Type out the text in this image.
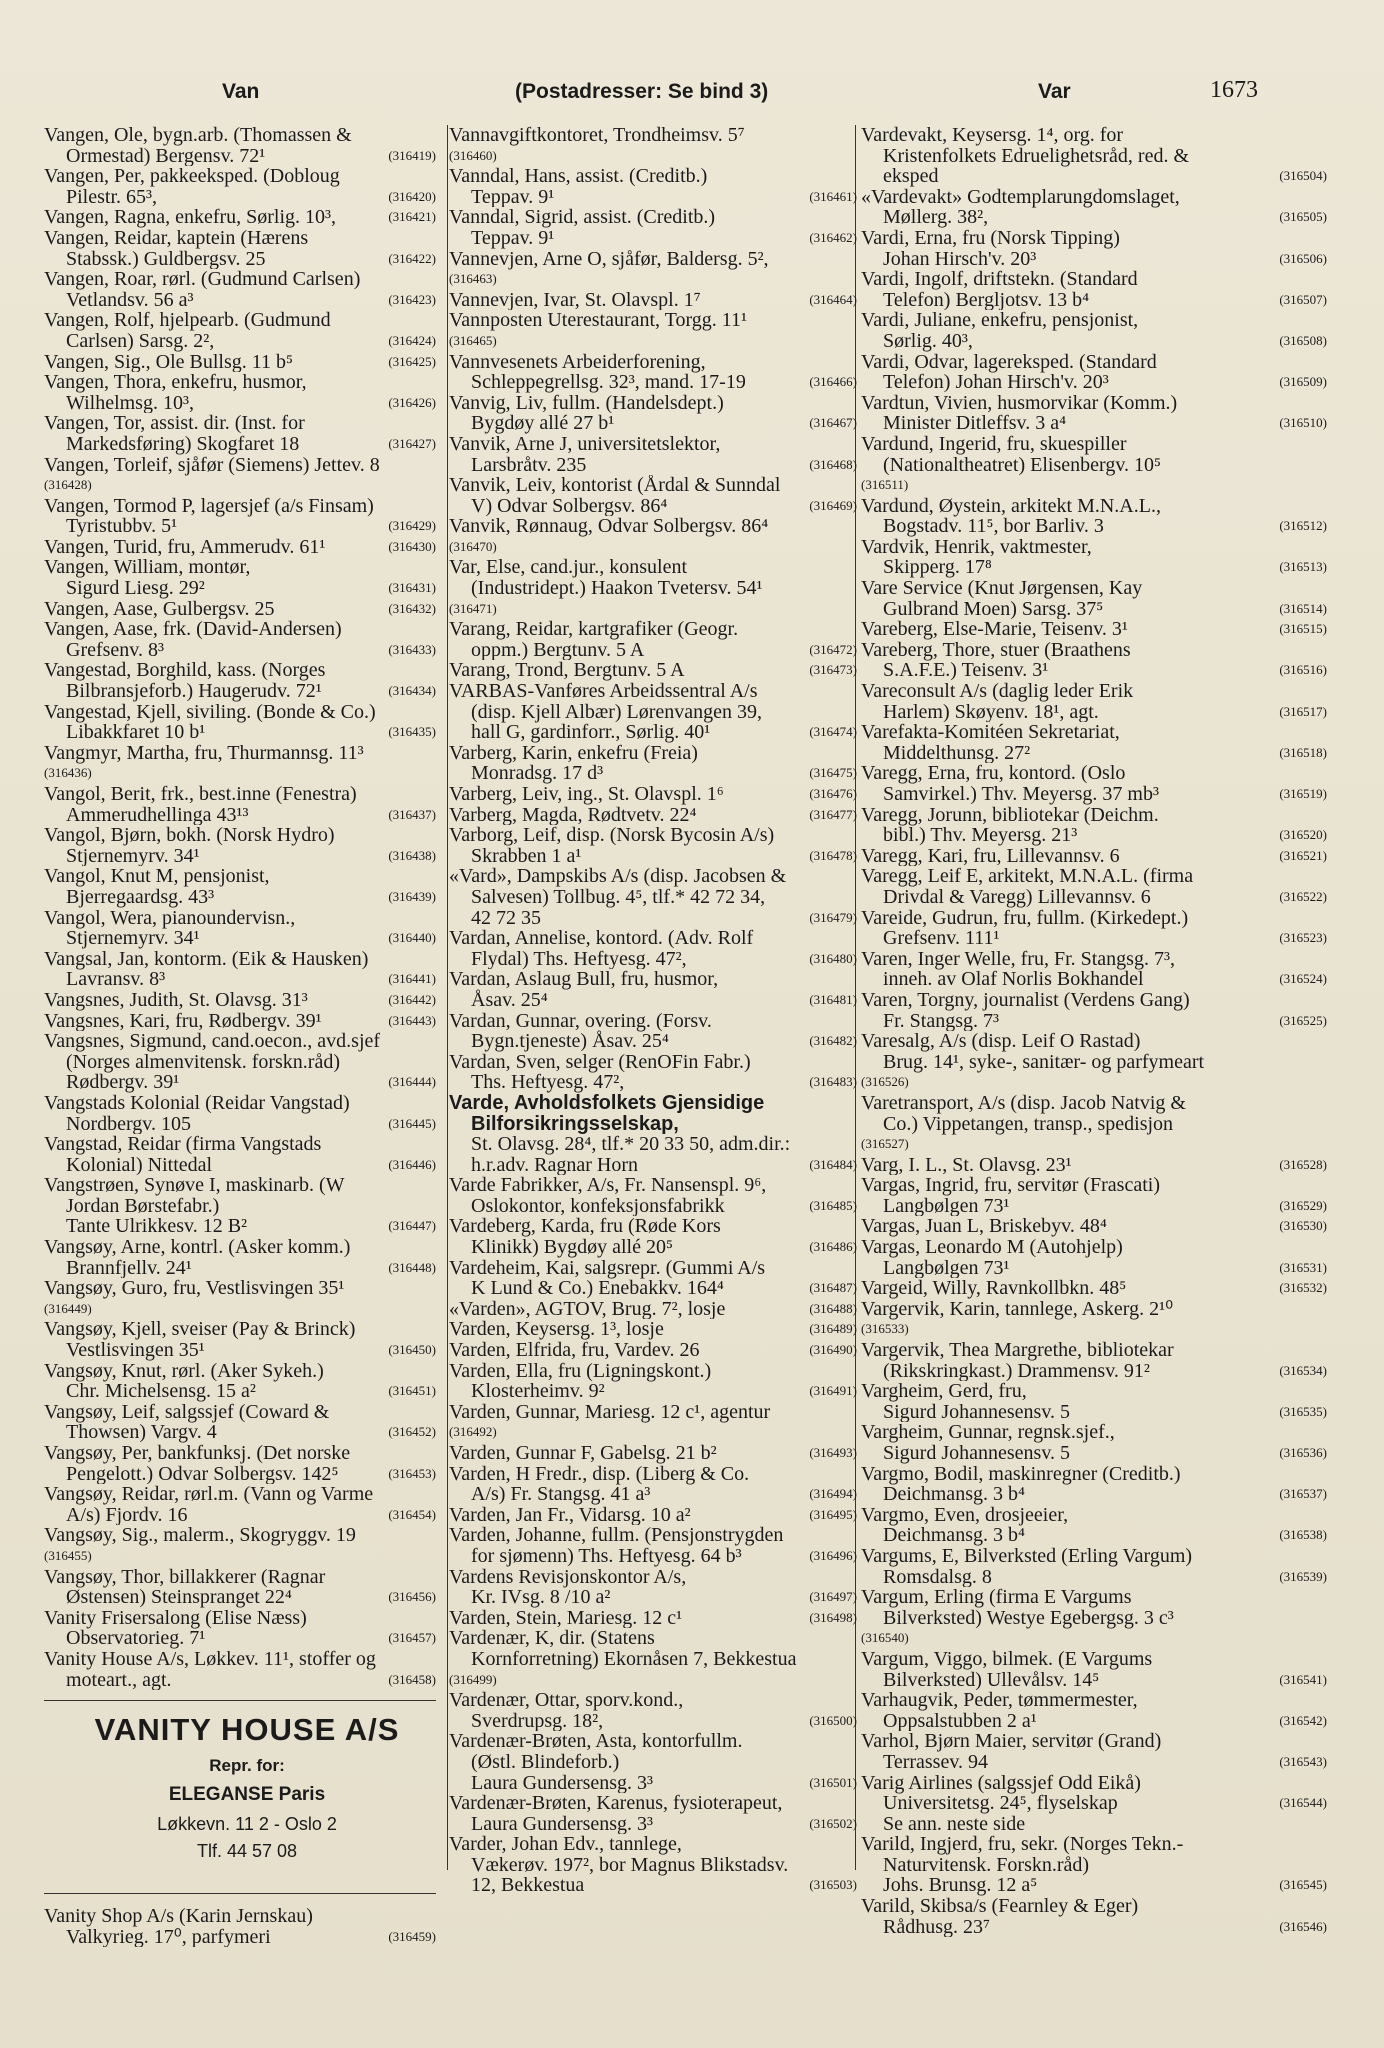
Van	(Postadresser: Se bind 3)	Var	1673
Vangen, Ole, bygn.arb. (Thomassen &
Ormestad) Bergensv. 72¹	(316419)
Vangen, Per, pakkeeksped. (Dobloug
Pilestr. 65³,	(316420)
Vangen, Ragna, enkefru, Sørlig. 10³,	(316421)
Vangen, Reidar, kaptein (Hærens
Stabssk.) Guldbergsv. 25	(316422)
Vangen, Roar, rørl. (Gudmund Carlsen)
Vetlandsv. 56 a³	(316423)
Vangen, Rolf, hjelpearb. (Gudmund
Carlsen) Sarsg. 2²,	(316424)
Vangen, Sig., Ole Bullsg. 11 b⁵	(316425)
Vangen, Thora, enkefru, husmor,
Wilhelmsg. 10³,	(316426)
Vangen, Tor, assist. dir. (Inst. for
Markedsføring) Skogfaret 18	(316427)
Vangen, Torleif, sjåfør (Siemens) Jettev. 8
(316428)
Vangen, Tormod P, lagersjef (a/s Finsam)
Tyristubbv. 5¹	(316429)
Vangen, Turid, fru, Ammerudv. 61¹	(316430)
Vangen, William, montør,
Sigurd Liesg. 29²	(316431)
Vangen, Aase, Gulbergsv. 25	(316432)
Vangen, Aase, frk. (David-Andersen)
Grefsenv. 8³	(316433)
Vangestad, Borghild, kass. (Norges
Bilbransjeforb.) Haugerudv. 72¹	(316434)
Vangestad, Kjell, siviling. (Bonde & Co.)
Libakkfaret 10 b¹	(316435)
Vangmyr, Martha, fru, Thurmannsg. 11³
(316436)
Vangol, Berit, frk., best.inne (Fenestra)
Ammerudhellinga 43¹³	(316437)
Vangol, Bjørn, bokh. (Norsk Hydro)
Stjernemyrv. 34¹	(316438)
Vangol, Knut M, pensjonist,
Bjerregaardsg. 43³	(316439)
Vangol, Wera, pianoundervisn.,
Stjernemyrv. 34¹	(316440)
Vangsal, Jan, kontorm. (Eik & Hausken)
Lavransv. 8³	(316441)
Vangsnes, Judith, St. Olavsg. 31³	(316442)
Vangsnes, Kari, fru, Rødbergv. 39¹	(316443)
Vangsnes, Sigmund, cand.oecon., avd.sjef
(Norges almenvitensk. forskn.råd)
Rødbergv. 39¹	(316444)
Vangstads Kolonial (Reidar Vangstad)
Nordbergv. 105	(316445)
Vangstad, Reidar (firma Vangstads
Kolonial) Nittedal	(316446)
Vangstrøen, Synøve I, maskinarb. (W
Jordan Børstefabr.)
Tante Ulrikkesv. 12 B²	(316447)
Vangsøy, Arne, kontrl. (Asker komm.)
Brannfjellv. 24¹	(316448)
Vangsøy, Guro, fru, Vestlisvingen 35¹
(316449)
Vangsøy, Kjell, sveiser (Pay & Brinck)
Vestlisvingen 35¹	(316450)
Vangsøy, Knut, rørl. (Aker Sykeh.)
Chr. Michelsensg. 15 a²	(316451)
Vangsøy, Leif, salgssjef (Coward &
Thowsen) Vargv. 4	(316452)
Vangsøy, Per, bankfunksj. (Det norske
Pengelott.) Odvar Solbergsv. 142⁵	(316453)
Vangsøy, Reidar, rørl.m. (Vann og Varme
A/s) Fjordv. 16	(316454)
Vangsøy, Sig., malerm., Skogryggv. 19
(316455)
Vangsøy, Thor, billakkerer (Ragnar
Østensen) Steinspranget 22⁴	(316456)
Vanity Frisersalong (Elise Næss)
Observatorieg. 7¹	(316457)
Vanity House A/s, Løkkev. 11¹, stoffer og
moteart., agt.	(316458)
Vannavgiftkontoret, Trondheimsv. 5⁷
(316460)
Vanndal, Hans, assist. (Creditb.)
Teppav. 9¹	(316461)
Vanndal, Sigrid, assist. (Creditb.)
Teppav. 9¹	(316462)
Vannevjen, Arne O, sjåfør, Baldersg. 5²,
(316463)
Vannevjen, Ivar, St. Olavspl. 1⁷	(316464)
Vannposten Uterestaurant, Torgg. 11¹
(316465)
Vannvesenets Arbeiderforening,
Schleppegrellsg. 32³, mand. 17-19	(316466)
Vanvig, Liv, fullm. (Handelsdept.)
Bygdøy allé 27 b¹	(316467)
Vanvik, Arne J, universitetslektor,
Larsbråtv. 235	(316468)
Vanvik, Leiv, kontorist (Årdal & Sunndal
V) Odvar Solbergsv. 86⁴	(316469)
Vanvik, Rønnaug, Odvar Solbergsv. 86⁴
(316470)
Var, Else, cand.jur., konsulent
(Industridept.) Haakon Tvetersv. 54¹
(316471)
Varang, Reidar, kartgrafiker (Geogr.
oppm.) Bergtunv. 5 A	(316472)
Varang, Trond, Bergtunv. 5 A	(316473)
VARBAS-Vanføres Arbeidssentral A/s
(disp. Kjell Albær) Lørenvangen 39,
hall G, gardinforr., Sørlig. 40¹	(316474)
Varberg, Karin, enkefru (Freia)
Monradsg. 17 d³	(316475)
Varberg, Leiv, ing., St. Olavspl. 1⁶	(316476)
Varberg, Magda, Rødtvetv. 22⁴	(316477)
Varborg, Leif, disp. (Norsk Bycosin A/s)
Skrabben 1 a¹	(316478)
«Vard», Dampskibs A/s (disp. Jacobsen &
Salvesen) Tollbug. 4⁵, tlf.* 42 72 34,
42 72 35	(316479)
Vardan, Annelise, kontord. (Adv. Rolf
Flydal) Ths. Heftyesg. 47²,	(316480)
Vardan, Aslaug Bull, fru, husmor,
Åsav. 25⁴	(316481)
Vardan, Gunnar, overing. (Forsv.
Bygn.tjeneste) Åsav. 25⁴	(316482)
Vardan, Sven, selger (RenOFin Fabr.)
Ths. Heftyesg. 47²,	(316483)
Varde, Avholdsfolkets Gjensidige
Bilforsikringsselskap,
St. Olavsg. 28⁴, tlf.* 20 33 50, adm.dir.:
h.r.adv. Ragnar Horn	(316484)
Varde Fabrikker, A/s, Fr. Nansenspl. 9⁶,
Oslokontor, konfeksjonsfabrikk	(316485)
Vardeberg, Karda, fru (Røde Kors
Klinikk) Bygdøy allé 20⁵	(316486)
Vardeheim, Kai, salgsrepr. (Gummi A/s
K Lund & Co.) Enebakkv. 164⁴	(316487)
«Varden», AGTOV, Brug. 7², losje	(316488)
Varden, Keysersg. 1³, losje	(316489)
Varden, Elfrida, fru, Vardev. 26	(316490)
Varden, Ella, fru (Ligningskont.)
Klosterheimv. 9²	(316491)
Varden, Gunnar, Mariesg. 12 c¹, agentur
(316492)
Varden, Gunnar F, Gabelsg. 21 b²	(316493)
Varden, H Fredr., disp. (Liberg & Co.
A/s) Fr. Stangsg. 41 a³	(316494)
Varden, Jan Fr., Vidarsg. 10 a²	(316495)
Varden, Johanne, fullm. (Pensjonstrygden
for sjømenn) Ths. Heftyesg. 64 b³	(316496)
Vardens Revisjonskontor A/s,
Kr. IVsg. 8 /10 a²	(316497)
Varden, Stein, Mariesg. 12 c¹	(316498)
Vardenær, K, dir. (Statens
Kornforretning) Ekornåsen 7, Bekkestua
(316499)
Vardenær, Ottar, sporv.kond.,
Sverdrupsg. 18²,	(316500)
Vardenær-Brøten, Asta, kontorfullm.
(Østl. Blindeforb.)
Laura Gundersensg. 3³	(316501)
Vardenær-Brøten, Karenus, fysioterapeut,
Laura Gundersensg. 3³	(316502)
Varder, Johan Edv., tannlege,
Vækerøv. 197², bor Magnus Blikstadsv.
12, Bekkestua	(316503)
Vardevakt, Keysersg. 1⁴, org. for
Kristenfolkets Edruelighetsråd, red. &
eksped	(316504)
«Vardevakt» Godtemplarungdomslaget,
Møllerg. 38²,	(316505)
Vardi, Erna, fru (Norsk Tipping)
Johan Hirsch'v. 20³	(316506)
Vardi, Ingolf, driftstekn. (Standard
Telefon) Bergljotsv. 13 b⁴	(316507)
Vardi, Juliane, enkefru, pensjonist,
Sørlig. 40³,	(316508)
Vardi, Odvar, lagereksped. (Standard
Telefon) Johan Hirsch'v. 20³	(316509)
Vardtun, Vivien, husmorvikar (Komm.)
Minister Ditleffsv. 3 a⁴	(316510)
Vardund, Ingerid, fru, skuespiller
(Nationaltheatret) Elisenbergv. 10⁵
(316511)
Vardund, Øystein, arkitekt M.N.A.L.,
Bogstadv. 11⁵, bor Barliv. 3	(316512)
Vardvik, Henrik, vaktmester,
Skipperg. 17⁸	(316513)
Vare Service (Knut Jørgensen, Kay
Gulbrand Moen) Sarsg. 37⁵	(316514)
Vareberg, Else-Marie, Teisenv. 3¹	(316515)
Vareberg, Thore, stuer (Braathens
S.A.F.E.) Teisenv. 3¹	(316516)
Vareconsult A/s (daglig leder Erik
Harlem) Skøyenv. 18¹, agt.	(316517)
Varefakta-Komitéen Sekretariat,
Middelthunsg. 27²	(316518)
Varegg, Erna, fru, kontord. (Oslo
Samvirkel.) Thv. Meyersg. 37 mb³	(316519)
Varegg, Jorunn, bibliotekar (Deichm.
bibl.) Thv. Meyersg. 21³	(316520)
Varegg, Kari, fru, Lillevannsv. 6	(316521)
Varegg, Leif E, arkitekt, M.N.A.L. (firma
Drivdal & Varegg) Lillevannsv. 6	(316522)
Vareide, Gudrun, fru, fullm. (Kirkedept.)
Grefsenv. 111¹	(316523)
Varen, Inger Welle, fru, Fr. Stangsg. 7³,
inneh. av Olaf Norlis Bokhandel	(316524)
Varen, Torgny, journalist (Verdens Gang)
Fr. Stangsg. 7³	(316525)
Varesalg, A/s (disp. Leif O Rastad)
Brug. 14¹, syke-, sanitær- og parfymeart
(316526)
Varetransport, A/s (disp. Jacob Natvig &
Co.) Vippetangen, transp., spedisjon
(316527)
Varg, I. L., St. Olavsg. 23¹	(316528)
Vargas, Ingrid, fru, servitør (Frascati)
Langbølgen 73¹	(316529)
Vargas, Juan L, Briskebyv. 48⁴	(316530)
Vargas, Leonardo M (Autohjelp)
Langbølgen 73¹	(316531)
Vargeid, Willy, Ravnkollbkn. 48⁵	(316532)
Vargervik, Karin, tannlege, Askerg. 2¹⁰
(316533)
Vargervik, Thea Margrethe, bibliotekar
(Rikskringkast.) Drammensv. 91²	(316534)
Vargheim, Gerd, fru,
Sigurd Johannesensv. 5	(316535)
Vargheim, Gunnar, regnsk.sjef.,
Sigurd Johannesensv. 5	(316536)
Vargmo, Bodil, maskinregner (Creditb.)
Deichmansg. 3 b⁴	(316537)
Vargmo, Even, drosjeeier,
Deichmansg. 3 b⁴	(316538)
Vargums, E, Bilverksted (Erling Vargum)
Romsdalsg. 8	(316539)
Vargum, Erling (firma E Vargums
Bilverksted) Westye Egebergsg. 3 c³
(316540)
Vargum, Viggo, bilmek. (E Vargums
Bilverksted) Ullevålsv. 14⁵	(316541)
Varhaugvik, Peder, tømmermester,
Oppsalstubben 2 a¹	(316542)
Varhol, Bjørn Maier, servitør (Grand)
Terrassev. 94	(316543)
Varig Airlines (salgssjef Odd Eikå)
Universitetsg. 24⁵, flyselskap	(316544)
Se ann. neste side
Varild, Ingjerd, fru, sekr. (Norges Tekn.-
Naturvitensk. Forskn.råd)
Johs. Brunsg. 12 a⁵	(316545)
Varild, Skibsa/s (Fearnley & Eger)
Rådhusg. 23⁷	(316546)
VANITY HOUSE A/S
Repr. for:
ELEGANSE Paris
Løkkevn. 11 2 - Oslo 2
Tlf. 44 57 08
Vanity Shop A/s (Karin Jernskau)
Valkyrieg. 17⁰, parfymeri	(316459)
